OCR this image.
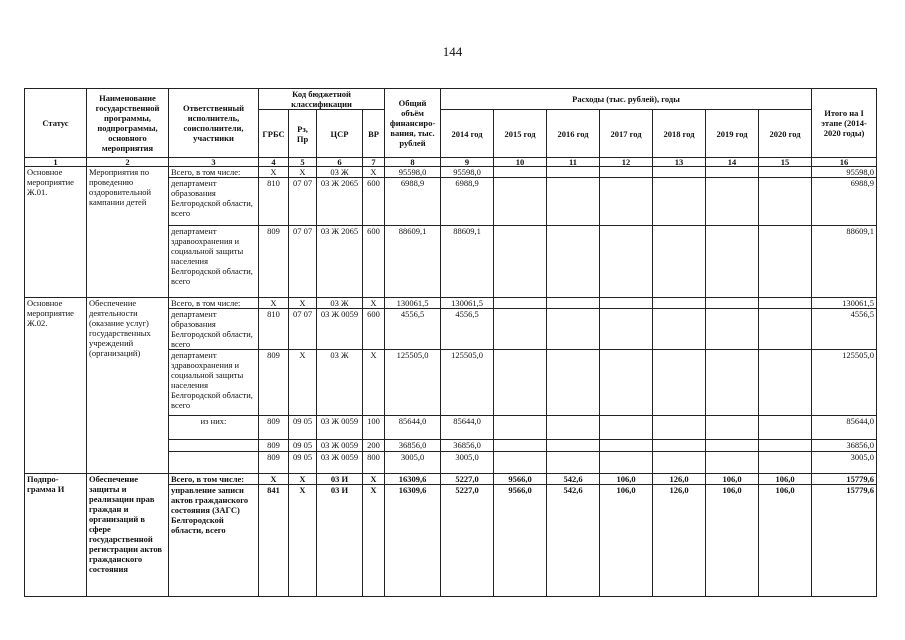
144
Статус	Наименование государственной программы, подпрограммы, основного мероприятия	Ответственный исполнитель, соисполнители, участники	Код бюджетной классификации				Общий объём финансиро-вания, тыс. рублей	Расходы (тыс. рублей), годы							Итого на I этапе (2014-2020 годы)
			ГРБС	Рз, Пр	ЦСР	ВР		2014 год	2015 год	2016 год	2017 год	2018 год	2019 год	2020 год	
1	2	3	4	5	6	7	8	9	10	11	12	13	14	15	16
Основное мероприятие Ж.01.	Мероприятия по проведению оздоровительной кампании детей	Всего, в том числе:	Х	Х	03 Ж	Х	95598,0	95598,0							95598,0
		департамент образования Белгородской области, всего	810	07 07	03 Ж 2065	600	6988,9	6988,9							6988,9
		департамент здравоохранения и социальной защиты населения Белгородской области, всего	809	07 07	03 Ж 2065	600	88609,1	88609,1							88609,1
Основное мероприятие Ж.02.	Обеспечение деятельности (оказание услуг) государственных учреждений (организаций)	Всего, в том числе:	Х	Х	03 Ж	Х	130061,5	130061,5							130061,5
		департамент образования Белгородской области, всего	810	07 07	03 Ж 0059	600	4556,5	4556,5							4556,5
		департамент здравоохранения и социальной защиты населения Белгородской области, всего	809	Х	03 Ж	Х	125505,0	125505,0							125505,0
		из них:	809	09 05	03 Ж 0059	100	85644,0	85644,0							85644,0
			809	09 05	03 Ж 0059	200	36856,0	36856,0							36856,0
			809	09 05	03 Ж 0059	800	3005,0	3005,0							3005,0
Подпро-грамма И	Обеспечение защиты и реализации прав граждан и организаций в сфере государственной регистрации актов гражданского состояния	Всего, в том числе:	Х	Х	03 И	Х	16309,6	5227,0	9566,0	542,6	106,0	126,0	106,0	106,0	15779,6
		управление записи актов гражданского состояния (ЗАГС) Белгородской области, всего	841	Х	03 И	Х	16309,6	5227,0	9566,0	542,6	106,0	126,0	106,0	106,0	15779,6
